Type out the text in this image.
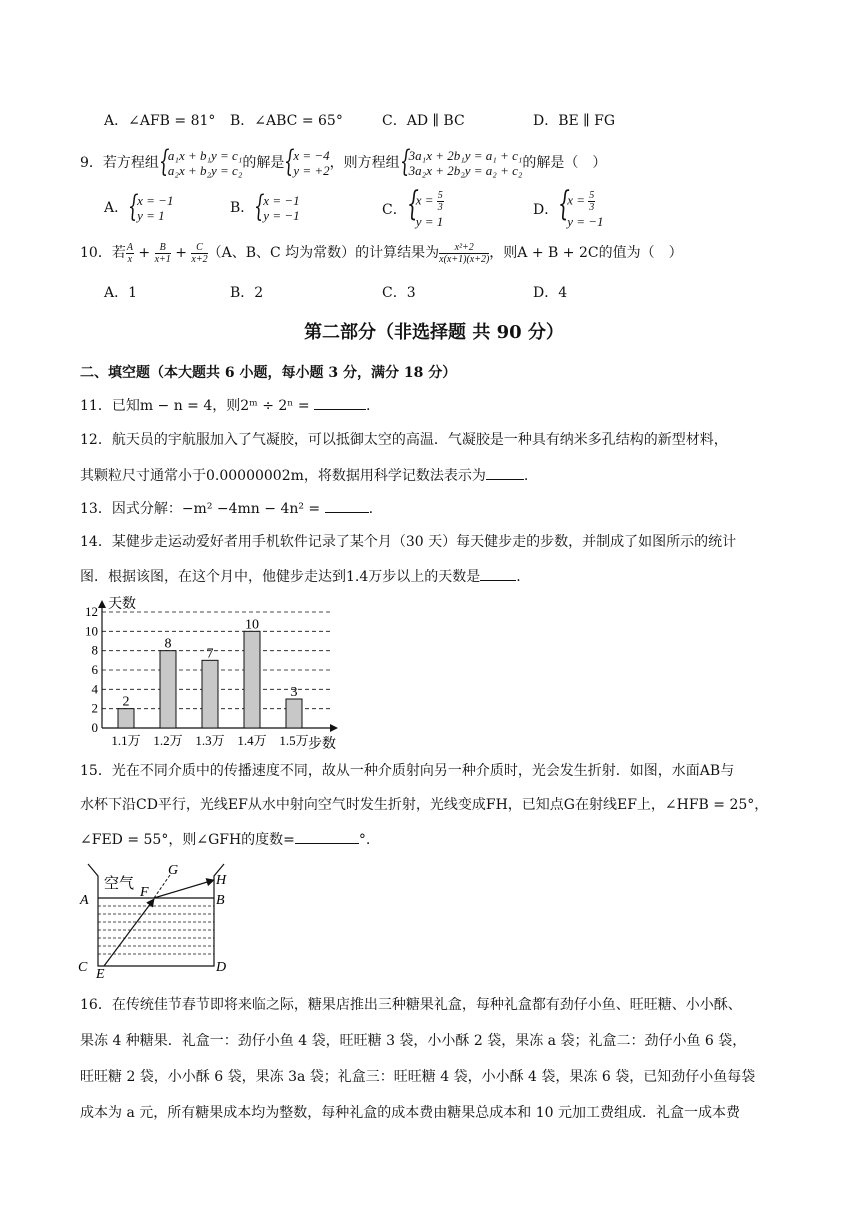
A．∠AFB = 81° B．∠ABC = 65°	C．AD ∥ BC	D．BE ∥ FG
9．若方程组 {
a₁x + b₁y = c₁
a₂x + b₂y = c₂ 的解是 {
x = −4
y = +2 ，则方程组 {
3a₁x + 2b₁y = a₁ + c₁
3a₂x + 2b₂y = a₂ + c₂ 的解是（　）
A． {
x = −1
y = 1	B． {
x = −1
y = −1	C． {
$x = \frac{5}{3}$
y = 1
D． {
$x = \frac{5}{3}$
y = −1
10．若 $\frac{A}{x} + \frac{B}{x+1} + \frac{C}{x+2} (A$、B、C 均为常数）的计算结果为 $\frac{\text{x²+2}}{x(x+1)(x+2)}$ ，则A + B + 2C的值为（　）
A．1	B．2	C．3	D．4
第二部分（非选择题 共 90 分）
二、填空题（本大题共 6 小题，每小题 3 分，满分 18 分）
11．已知m − n = 4，则2ᵐ ÷ 2ⁿ =	.
12．航天员的宇航服加入了气凝胶，可以抵御太空的高温．气凝胶是一种具有纳米多孔结构的新型材料，
其颗粒尺寸通常小于0.00000002m，将数据用科学记数法表示为	.
13．因式分解：−m² −4mn − 4n² =	.
14．某健步走运动爱好者用手机软件记录了某个月（30 天）每天健步走的步数，并制成了如图所示的统计
图．根据该图，在这个月中，他健步走达到1.4万步以上的天数是	.
0
2
4
6
8
10
12 天数
步数
2
1.1万
8
1.2万
7
1.3万
10
1.4万
3
1.5万
15．光在不同介质中的传播速度不同，故从一种介质射向另一种介质时，光会发生折射．如图，水面AB与
水杯下沿CD平行，光线EF从水中射向空气时发生折射，光线变成FH，已知点G在射线EF上，∠HFB = 25°，
∠FED = 55°，则∠GFH的度数=	°.
空气
A	B
C	D
E
F
G
H
16．在传统佳节春节即将来临之际，糖果店推出三种糖果礼盒，每种礼盒都有劲仔小鱼、旺旺糖、小小酥、
果冻 4 种糖果．礼盒一：劲仔小鱼 4 袋，旺旺糖 3 袋，小小酥 2 袋，果冻 a 袋；礼盒二：劲仔小鱼 6 袋，
旺旺糖 2 袋，小小酥 6 袋，果冻 3a 袋；礼盒三：旺旺糖 4 袋，小小酥 4 袋，果冻 6 袋，已知劲仔小鱼每袋
成本为 a 元，所有糖果成本均为整数，每种礼盒的成本费由糖果总成本和 10 元加工费组成．礼盒一成本费
